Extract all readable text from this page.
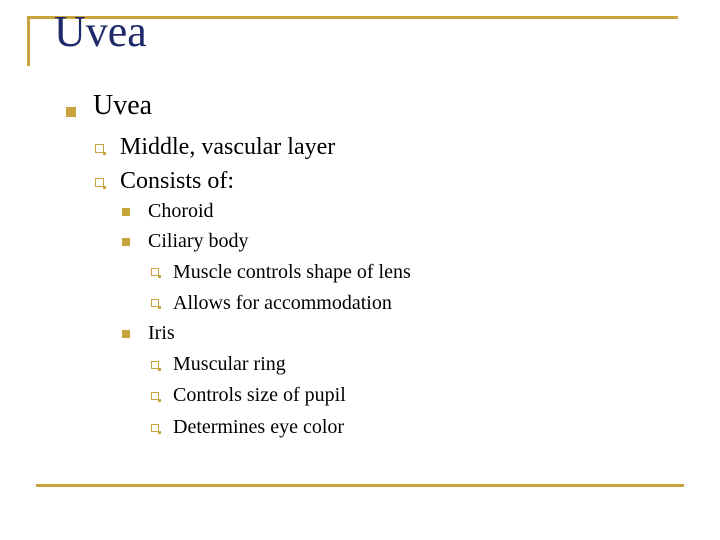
Uvea
Uvea
Middle, vascular layer
Consists of:
Choroid
Ciliary body
Muscle controls shape of lens
Allows for accommodation
Iris
Muscular ring
Controls size of pupil
Determines eye color
